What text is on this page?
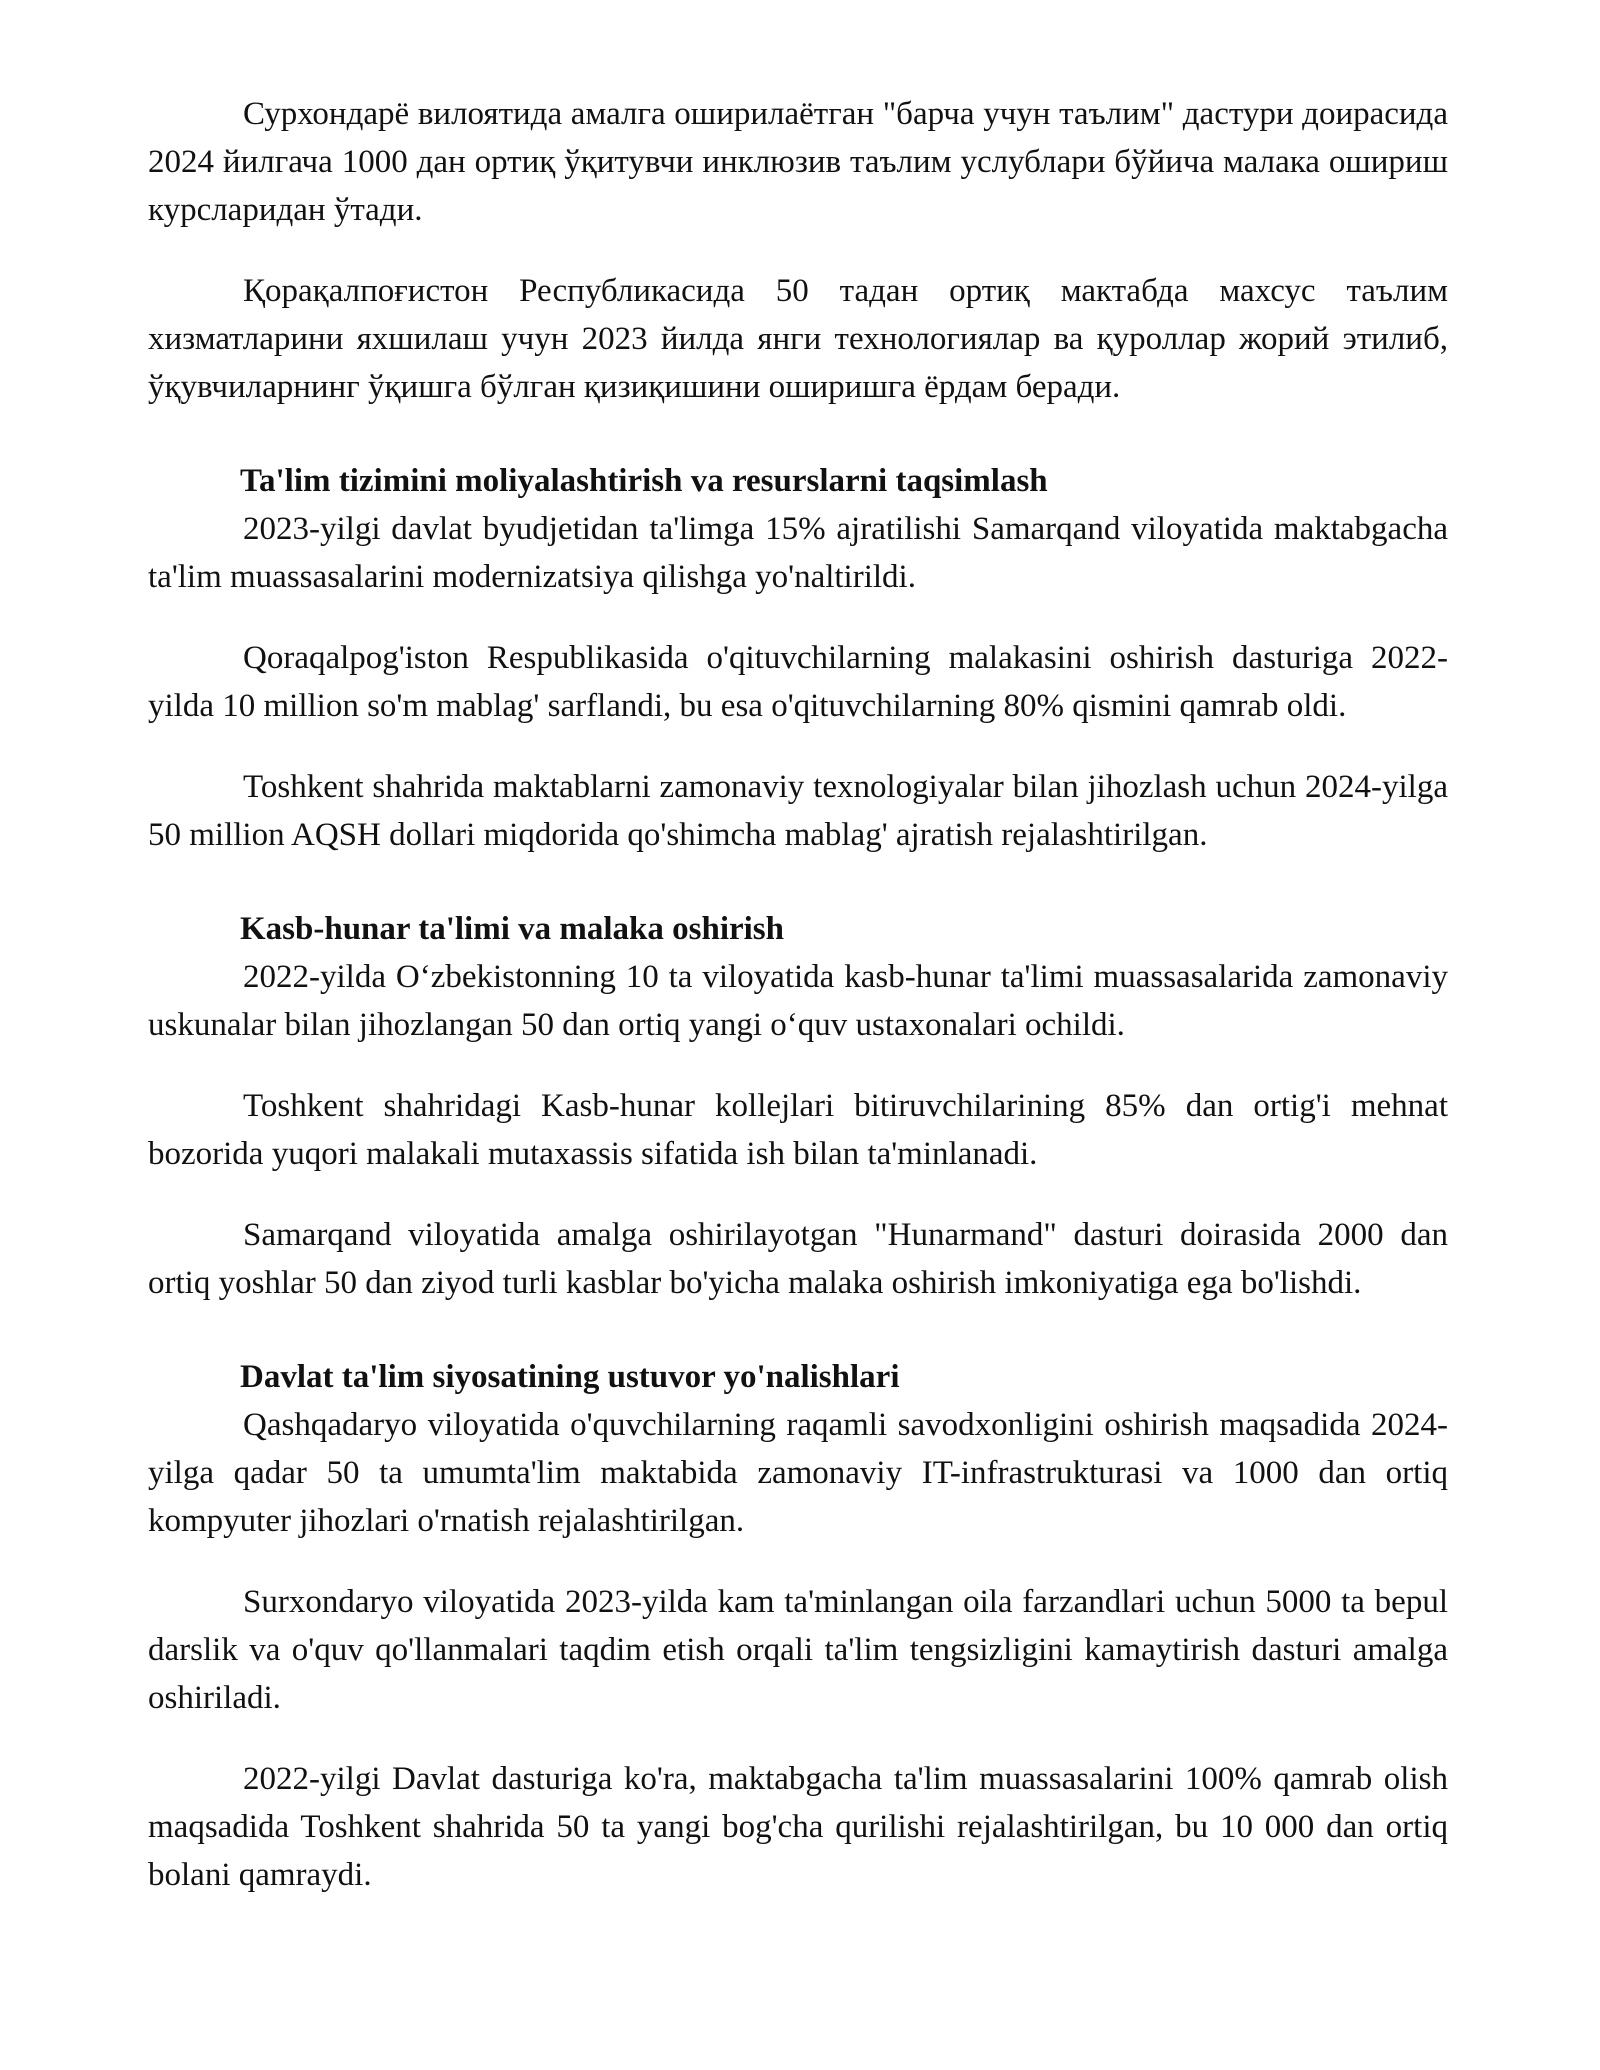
Сурхондарё вилоятида амалга оширилаётган "барча учун таълим" дастури доирасида 2024 йилгача 1000 дан ортиқ ўқитувчи инклюзив таълим услублари бўйича малака ошириш курсларидан ўтади.

Қорақалпоғистон Республикасида 50 тадан ортиқ мактабда махсус таълим хизматларини яхшилаш учун 2023 йилда янги технологиялар ва қуроллар жорий этилиб, ўқувчиларнинг ўқишга бўлган қизиқишини оширишга ёрдам беради.

Ta'lim tizimini moliyalashtirish va resurslarni taqsimlash

2023-yilgi davlat byudjetidan ta'limga 15% ajratilishi Samarqand viloyatida maktabgacha ta'lim muassasalarini modernizatsiya qilishga yo'naltirildi.

Qoraqalpog'iston Respublikasida o'qituvchilarning malakasini oshirish dasturiga 2022-yilda 10 million so'm mablag' sarflandi, bu esa o'qituvchilarning 80% qismini qamrab oldi.

Toshkent shahrida maktablarni zamonaviy texnologiyalar bilan jihozlash uchun 2024-yilga 50 million AQSH dollari miqdorida qo'shimcha mablag' ajratish rejalashtirilgan.

Kasb-hunar ta'limi va malaka oshirish

2022-yilda O‘zbekistonning 10 ta viloyatida kasb-hunar ta'limi muassasalarida zamonaviy uskunalar bilan jihozlangan 50 dan ortiq yangi o‘quv ustaxonalari ochildi.

Toshkent shahridagi Kasb-hunar kollejlari bitiruvchilarining 85% dan ortig'i mehnat bozorida yuqori malakali mutaxassis sifatida ish bilan ta'minlanadi.

Samarqand viloyatida amalga oshirilayotgan "Hunarmand" dasturi doirasida 2000 dan ortiq yoshlar 50 dan ziyod turli kasblar bo'yicha malaka oshirish imkoniyatiga ega bo'lishdi.

Davlat ta'lim siyosatining ustuvor yo'nalishlari

Qashqadaryo viloyatida o'quvchilarning raqamli savodxonligini oshirish maqsadida 2024-yilga qadar 50 ta umumta'lim maktabida zamonaviy IT-infrastrukturasi va 1000 dan ortiq kompyuter jihozlari o'rnatish rejalashtirilgan.

Surxondaryo viloyatida 2023-yilda kam ta'minlangan oila farzandlari uchun 5000 ta bepul darslik va o'quv qo'llanmalari taqdim etish orqali ta'lim tengsizligini kamaytirish dasturi amalga oshiriladi.

2022-yilgi Davlat dasturiga ko'ra, maktabgacha ta'lim muassasalarini 100% qamrab olish maqsadida Toshkent shahrida 50 ta yangi bog'cha qurilishi rejalashtirilgan, bu 10 000 dan ortiq bolani qamraydi.
